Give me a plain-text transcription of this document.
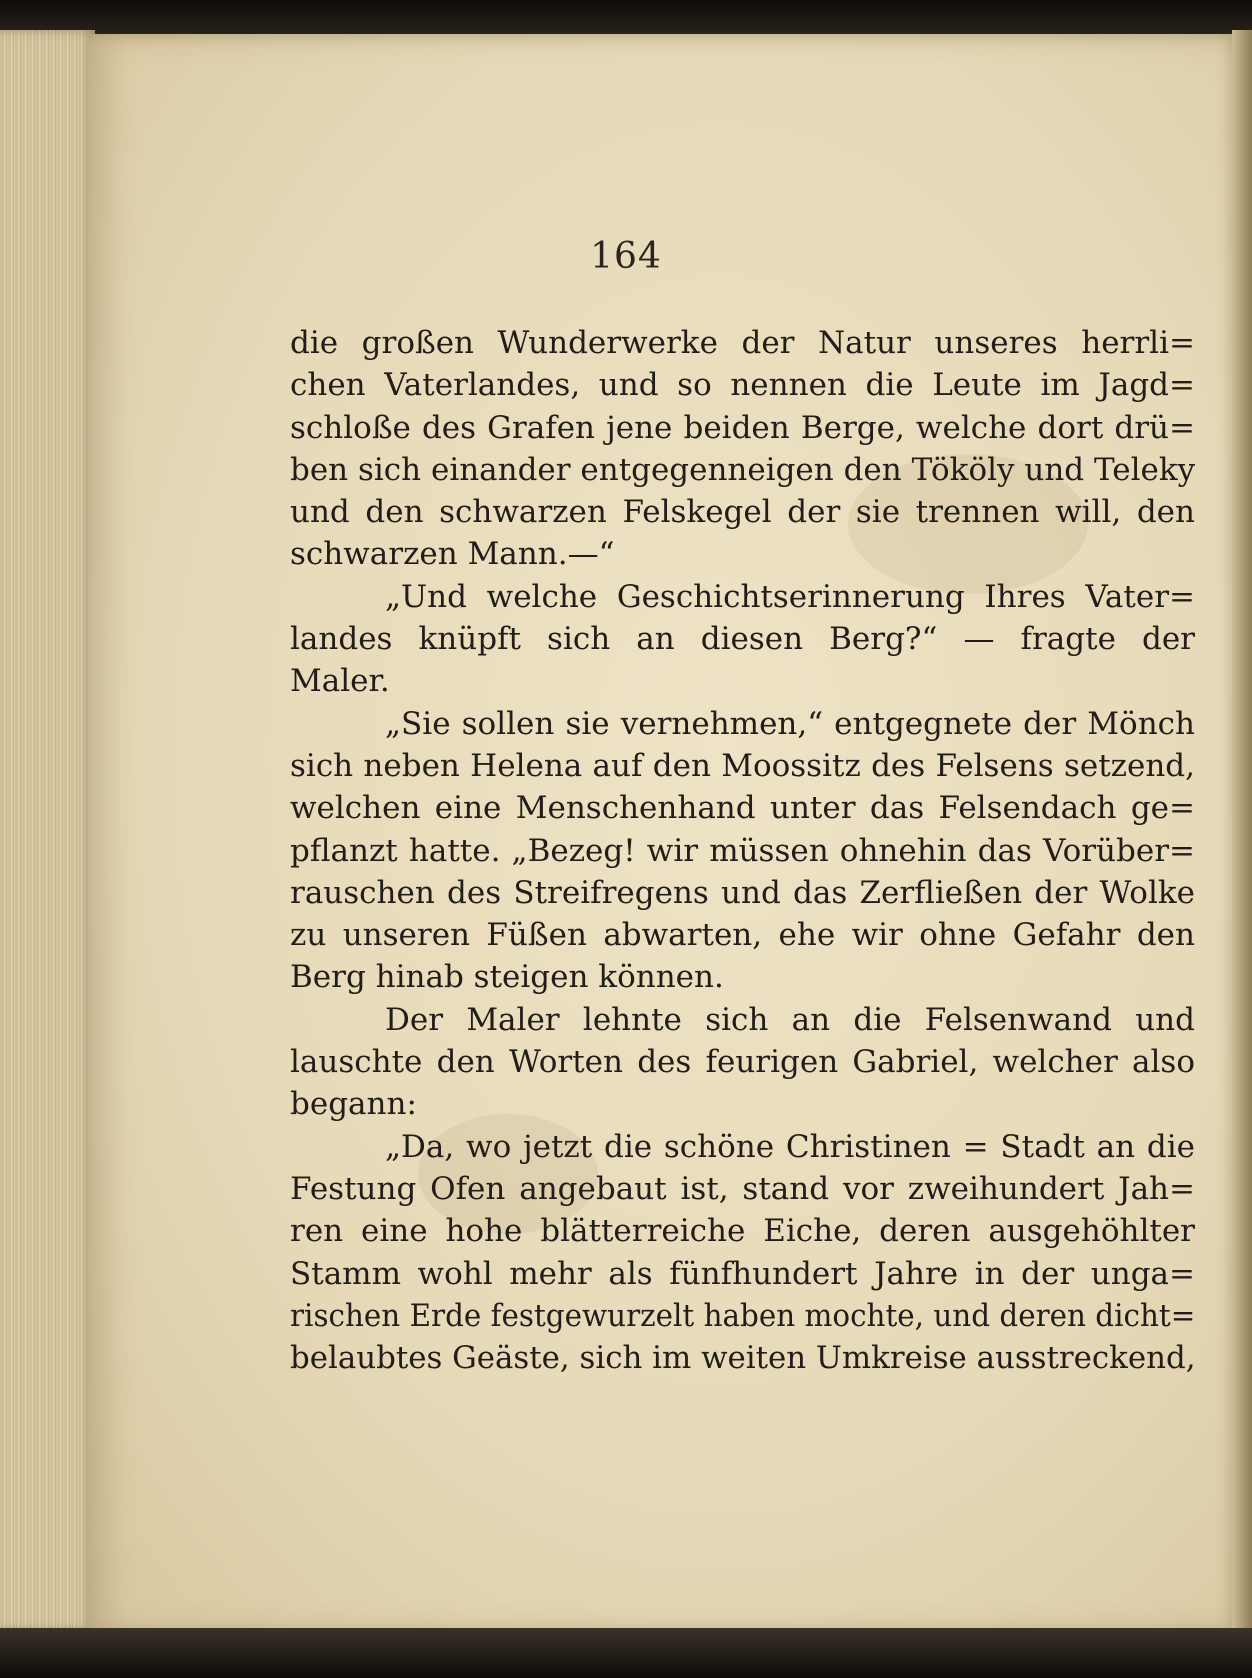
164
die großen Wunderwerke der Natur unseres herrli=
chen Vaterlandes, und so nennen die Leute im Jagd=
schloße des Grafen jene beiden Berge, welche dort drü=
ben sich einander entgegenneigen den Tököly und Teleky
und den schwarzen Felskegel der sie trennen will, den
schwarzen Mann.—“
„Und welche Geschichtserinnerung Ihres Vater=
landes knüpft sich an diesen Berg?“ — fragte der
Maler.
„Sie sollen sie vernehmen,“ entgegnete der Mönch
sich neben Helena auf den Moossitz des Felsens setzend,
welchen eine Menschenhand unter das Felsendach ge=
pflanzt hatte. „Bezeg! wir müssen ohnehin das Vorüber=
rauschen des Streifregens und das Zerfließen der Wolke
zu unseren Füßen abwarten, ehe wir ohne Gefahr den
Berg hinab steigen können.
Der Maler lehnte sich an die Felsenwand und
lauschte den Worten des feurigen Gabriel, welcher also
begann:
„Da, wo jetzt die schöne Christinen = Stadt an die
Festung Ofen angebaut ist, stand vor zweihundert Jah=
ren eine hohe blätterreiche Eiche, deren ausgehöhlter
Stamm wohl mehr als fünfhundert Jahre in der unga=
rischen Erde festgewurzelt haben mochte, und deren dicht=
belaubtes Geäste, sich im weiten Umkreise ausstreckend,
